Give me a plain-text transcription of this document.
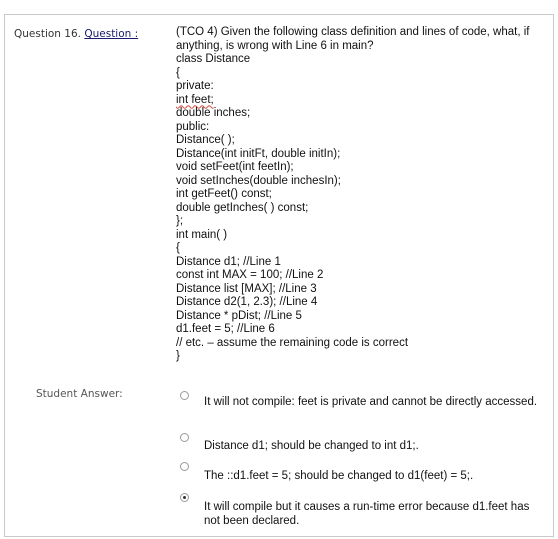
Question 16. Question :	(TCO 4) Given the following class definition and lines of code, what, if
anything, is wrong with Line 6 in main?
class Distance
{
private:
int feet;
double inches;
public:
Distance( );
Distance(int initFt, double initIn);
void setFeet(int feetIn);
void setInches(double inchesIn);
int getFeet() const;
double getInches( ) const;
};
int main( )
{
Distance d1; //Line 1
const int MAX = 100; //Line 2
Distance list [MAX]; //Line 3
Distance d2(1, 2.3); //Line 4
Distance * pDist; //Line 5
d1.feet = 5; //Line 6
// etc. – assume the remaining code is correct
}
Student Answer:
It will not compile: feet is private and cannot be directly accessed.
Distance d1; should be changed to int d1;.
The ::d1.feet = 5; should be changed to d1(feet) = 5;.
It will compile but it causes a run-time error because d1.feet has not been declared.
